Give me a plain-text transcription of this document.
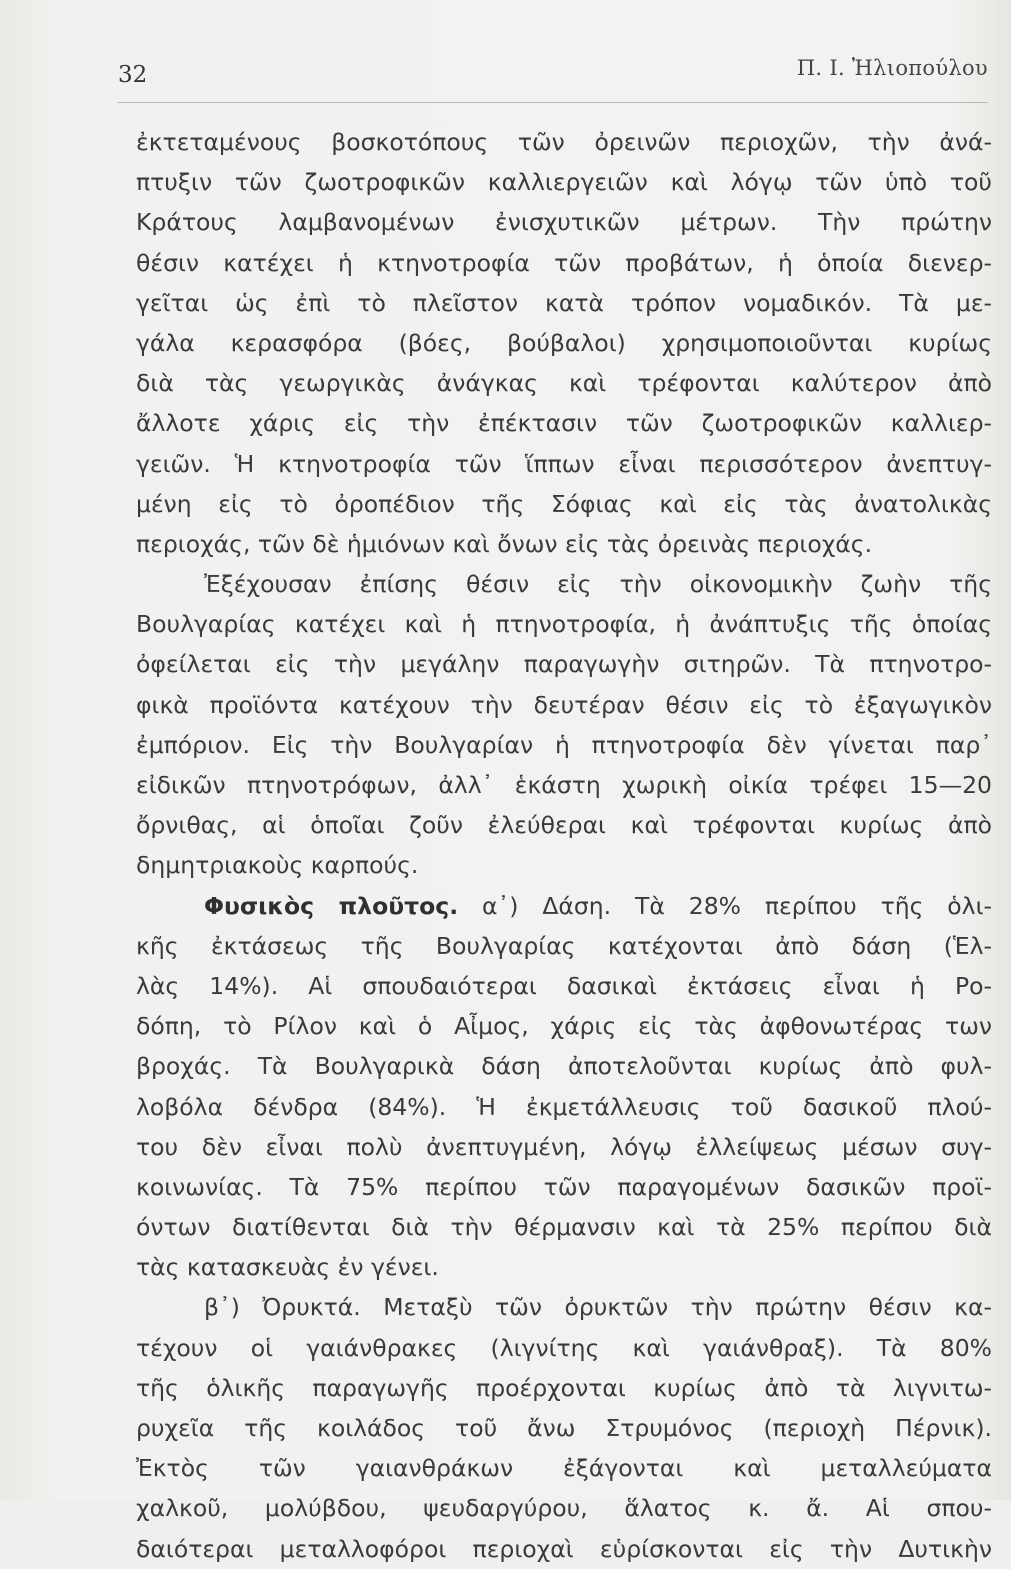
32	Π. Ι. Ἠλιοπούλου
ἐκτεταμένους βοσκοτόπους τῶν ὀρεινῶν περιοχῶν, τὴν ἀνά-
πτυξιν τῶν ζωοτροφικῶν καλλιεργειῶν καὶ λόγῳ τῶν ὑπὸ τοῦ
Κράτους λαμβανομένων ἐνισχυτικῶν μέτρων. Τὴν πρώτην
θέσιν κατέχει ἡ κτηνοτροφία τῶν προβάτων, ἡ ὁποία διενερ-
γεῖται ὡς ἐπὶ τὸ πλεῖστον κατὰ τρόπον νομαδικόν. Τὰ με-
γάλα κερασφόρα (βόες, βούβαλοι) χρησιμοποιοῦνται κυρίως
διὰ τὰς γεωργικὰς ἀνάγκας καὶ τρέφονται καλύτερον ἀπὸ
ἄλλοτε χάρις εἰς τὴν ἐπέκτασιν τῶν ζωοτροφικῶν καλλιερ-
γειῶν. Ἡ κτηνοτροφία τῶν ἵππων εἶναι περισσότερον ἀνεπτυγ-
μένη εἰς τὸ ὀροπέδιον τῆς Σόφιας καὶ εἰς τὰς ἀνατολικὰς
περιοχάς, τῶν δὲ ἡμιόνων καὶ ὄνων εἰς τὰς ὀρεινὰς περιοχάς.
Ἐξέχουσαν ἐπίσης θέσιν εἰς τὴν οἰκονομικὴν ζωὴν τῆς
Βουλγαρίας κατέχει καὶ ἡ πτηνοτροφία, ἡ ἀνάπτυξις τῆς ὁποίας
ὀφείλεται εἰς τὴν μεγάλην παραγωγὴν σιτηρῶν. Τὰ πτηνοτρο-
φικὰ προϊόντα κατέχουν τὴν δευτέραν θέσιν εἰς τὸ ἐξαγωγικὸν
ἐμπόριον. Εἰς τὴν Βουλγαρίαν ἡ πτηνοτροφία δὲν γίνεται παρ᾽
εἰδικῶν πτηνοτρόφων, ἀλλ᾽ ἑκάστη χωρικὴ οἰκία τρέφει 15—20
ὄρνιθας, αἱ ὁποῖαι ζοῦν ἐλεύθεραι καὶ τρέφονται κυρίως ἀπὸ
δημητριακοὺς καρπούς.
Φυσικὸς πλοῦτος. α᾽) Δάση. Τὰ 28% περίπου τῆς ὁλι-
κῆς ἐκτάσεως τῆς Βουλγαρίας κατέχονται ἀπὸ δάση (Ἑλ-
λὰς 14%). Αἱ σπουδαιότεραι δασικαὶ ἐκτάσεις εἶναι ἡ Ρο-
δόπη, τὸ Ρίλον καὶ ὁ Αἶμος, χάρις εἰς τὰς ἀφθονωτέρας των
βροχάς. Τὰ Βουλγαρικὰ δάση ἀποτελοῦνται κυρίως ἀπὸ φυλ-
λοβόλα δένδρα (84%). Ἡ ἐκμετάλλευσις τοῦ δασικοῦ πλού-
του δὲν εἶναι πολὺ ἀνεπτυγμένη, λόγῳ ἐλλείψεως μέσων συγ-
κοινωνίας. Τὰ 75% περίπου τῶν παραγομένων δασικῶν προϊ-
όντων διατίθενται διὰ τὴν θέρμανσιν καὶ τὰ 25% περίπου διὰ
τὰς κατασκευὰς ἐν γένει.
β᾽) Ὀρυκτά. Μεταξὺ τῶν ὀρυκτῶν τὴν πρώτην θέσιν κα-
τέχουν οἱ γαιάνθρακες (λιγνίτης καὶ γαιάνθραξ). Τὰ 80%
τῆς ὁλικῆς παραγωγῆς προέρχονται κυρίως ἀπὸ τὰ λιγνιτω-
ρυχεῖα τῆς κοιλάδος τοῦ ἄνω Στρυμόνος (περιοχὴ Πέρνικ).
Ἐκτὸς τῶν γαιανθράκων ἐξάγονται καὶ μεταλλεύματα
χαλκοῦ, μολύβδου, ψευδαργύρου, ἅλατος κ. ἄ. Αἱ σπου-
δαιότεραι μεταλλοφόροι περιοχαὶ εὑρίσκονται εἰς τὴν Δυτικὴν
